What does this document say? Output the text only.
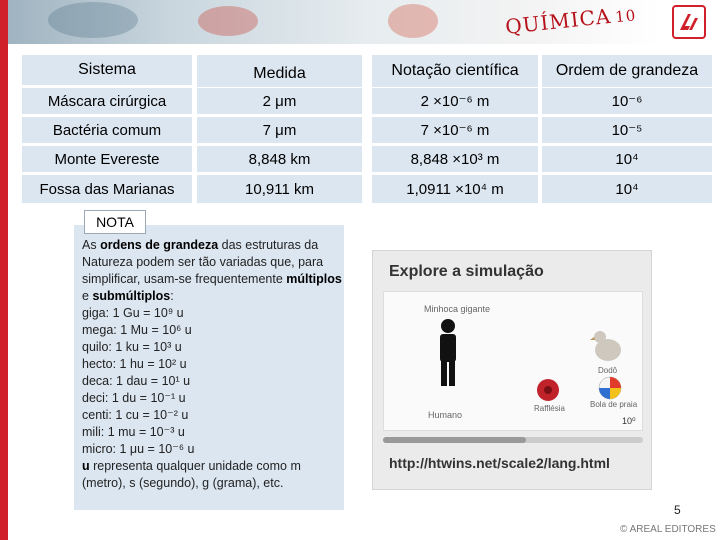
QUÍMICA 10
Sistema	Medida	Notação científica	Ordem de grandeza
Máscara cirúrgica	2 μm	2 ×10⁻⁶ m	10⁻⁶
Bactéria comum	7 μm	7 ×10⁻⁶ m	10⁻⁵
Monte Evereste	8,848 km	8,848 ×10³ m	10⁴
Fossa das Marianas	10,911 km	1,0911 ×10⁴ m	10⁴
NOTA
As ordens de grandeza das estruturas da Natureza podem ser tão variadas que, para simplificar, usam-se frequentemente múltiplos e submúltiplos:
giga: 1 Gu = 10⁹ u
mega: 1 Mu = 10⁶ u
quilo: 1 ku = 10³ u
hecto: 1 hu = 10² u
deca: 1 dau = 10¹ u
deci: 1 du = 10⁻¹ u
centi: 1 cu = 10⁻² u
mili: 1 mu = 10⁻³ u
micro: 1 μu = 10⁻⁶ u
u representa qualquer unidade como m (metro), s (segundo), g (grama), etc.
Explore a simulação
Minhoca gigante
Humano
Rafflésia
Dodô
Bola de praia
10⁰
http://htwins.net/scale2/lang.html
5
© AREAL EDITORES
